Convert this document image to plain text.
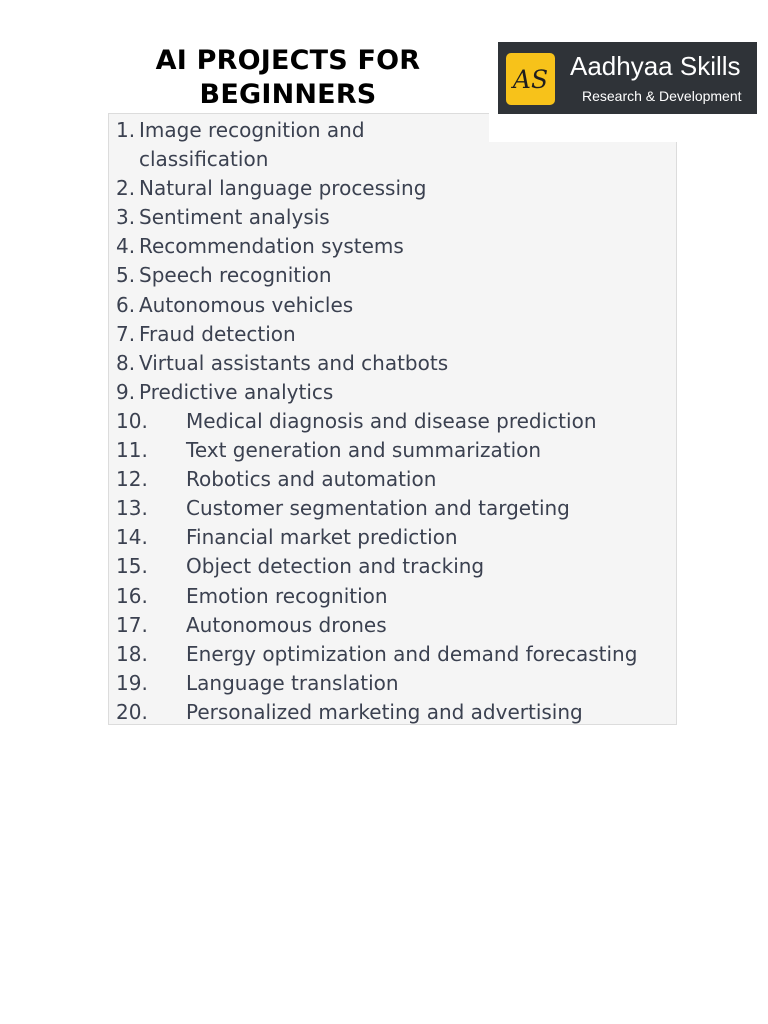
AI PROJECTS FOR
BEGINNERS	AS Aadhyaa Skills
Research & Development
1. Image recognition and classification
2. Natural language processing
3. Sentiment analysis
4. Recommendation systems
5. Speech recognition
6. Autonomous vehicles
7. Fraud detection
8. Virtual assistants and chatbots
9. Predictive analytics
10. Medical diagnosis and disease prediction
11. Text generation and summarization
12. Robotics and automation
13. Customer segmentation and targeting
14. Financial market prediction
15. Object detection and tracking
16. Emotion recognition
17. Autonomous drones
18. Energy optimization and demand forecasting
19. Language translation
20. Personalized marketing and advertising
